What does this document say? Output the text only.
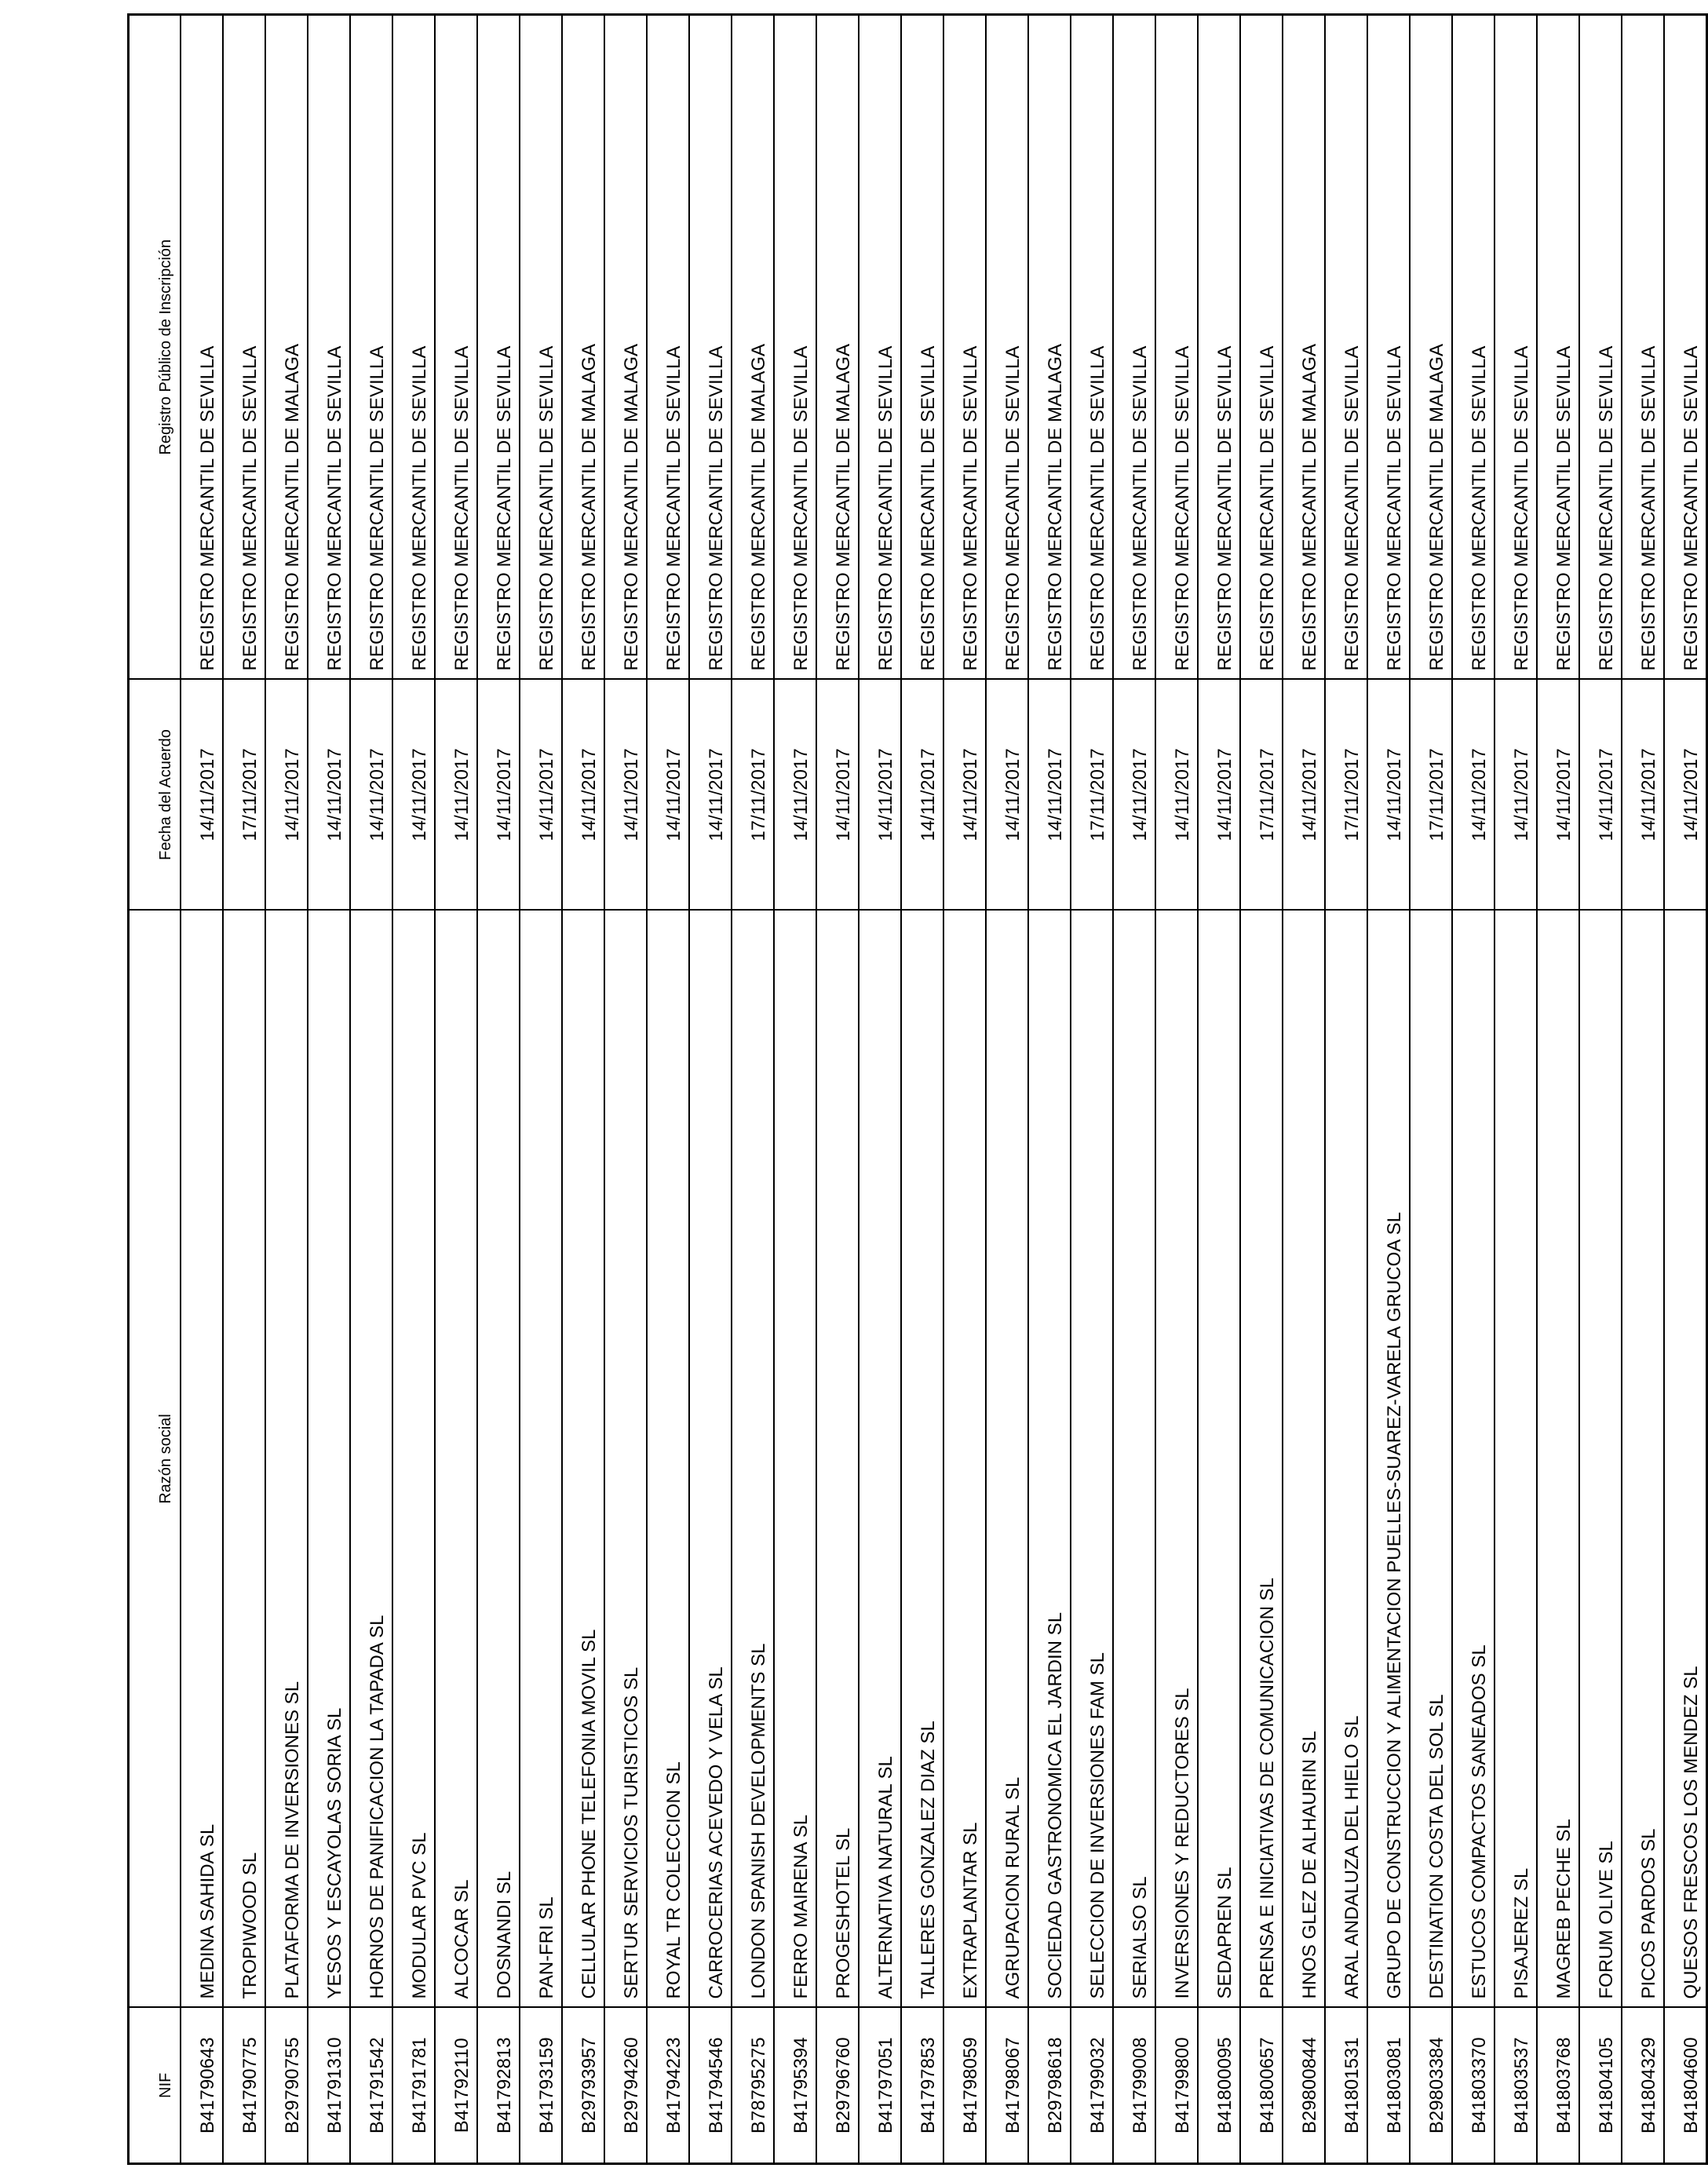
NIF	Razón social	Fecha del Acuerdo	Registro Público de Inscripción
B41790643	MEDINA SAHIDA SL	14/11/2017	REGISTRO MERCANTIL DE SEVILLA
B41790775	TROPIWOOD SL	17/11/2017	REGISTRO MERCANTIL DE SEVILLA
B29790755	PLATAFORMA DE INVERSIONES SL	14/11/2017	REGISTRO MERCANTIL DE MALAGA
B41791310	YESOS Y ESCAYOLAS SORIA SL	14/11/2017	REGISTRO MERCANTIL DE SEVILLA
B41791542	HORNOS DE PANIFICACION LA TAPADA SL	14/11/2017	REGISTRO MERCANTIL DE SEVILLA
B41791781	MODULAR PVC SL	14/11/2017	REGISTRO MERCANTIL DE SEVILLA
B41792110	ALCOCAR SL	14/11/2017	REGISTRO MERCANTIL DE SEVILLA
B41792813	DOSNANDI SL	14/11/2017	REGISTRO MERCANTIL DE SEVILLA
B41793159	PAN-FRI SL	14/11/2017	REGISTRO MERCANTIL DE SEVILLA
B29793957	CELLULAR PHONE TELEFONIA MOVIL SL	14/11/2017	REGISTRO MERCANTIL DE MALAGA
B29794260	SERTUR SERVICIOS TURISTICOS SL	14/11/2017	REGISTRO MERCANTIL DE MALAGA
B41794223	ROYAL TR COLECCION SL	14/11/2017	REGISTRO MERCANTIL DE SEVILLA
B41794546	CARROCERIAS ACEVEDO Y VELA SL	14/11/2017	REGISTRO MERCANTIL DE SEVILLA
B78795275	LONDON SPANISH DEVELOPMENTS SL	17/11/2017	REGISTRO MERCANTIL DE MALAGA
B41795394	FERRO MAIRENA SL	14/11/2017	REGISTRO MERCANTIL DE SEVILLA
B29796760	PROGESHOTEL SL	14/11/2017	REGISTRO MERCANTIL DE MALAGA
B41797051	ALTERNATIVA NATURAL SL	14/11/2017	REGISTRO MERCANTIL DE SEVILLA
B41797853	TALLERES GONZALEZ DIAZ SL	14/11/2017	REGISTRO MERCANTIL DE SEVILLA
B41798059	EXTRAPLANTAR SL	14/11/2017	REGISTRO MERCANTIL DE SEVILLA
B41798067	AGRUPACION RURAL SL	14/11/2017	REGISTRO MERCANTIL DE SEVILLA
B29798618	SOCIEDAD GASTRONOMICA EL JARDIN SL	14/11/2017	REGISTRO MERCANTIL DE MALAGA
B41799032	SELECCION DE INVERSIONES FAM SL	17/11/2017	REGISTRO MERCANTIL DE SEVILLA
B41799008	SERIALSO SL	14/11/2017	REGISTRO MERCANTIL DE SEVILLA
B41799800	INVERSIONES Y REDUCTORES SL	14/11/2017	REGISTRO MERCANTIL DE SEVILLA
B41800095	SEDAPREN SL	14/11/2017	REGISTRO MERCANTIL DE SEVILLA
B41800657	PRENSA E INICIATIVAS DE COMUNICACION SL	17/11/2017	REGISTRO MERCANTIL DE SEVILLA
B29800844	HNOS GLEZ DE ALHAURIN SL	14/11/2017	REGISTRO MERCANTIL DE MALAGA
B41801531	ARAL ANDALUZA DEL HIELO SL	17/11/2017	REGISTRO MERCANTIL DE SEVILLA
B41803081	GRUPO DE CONSTRUCCION Y ALIMENTACION PUELLES-SUAREZ-VARELA GRUCOA SL	14/11/2017	REGISTRO MERCANTIL DE SEVILLA
B29803384	DESTINATION COSTA DEL SOL SL	17/11/2017	REGISTRO MERCANTIL DE MALAGA
B41803370	ESTUCOS COMPACTOS SANEADOS SL	14/11/2017	REGISTRO MERCANTIL DE SEVILLA
B41803537	PISAJEREZ SL	14/11/2017	REGISTRO MERCANTIL DE SEVILLA
B41803768	MAGREB PECHE SL	14/11/2017	REGISTRO MERCANTIL DE SEVILLA
B41804105	FORUM OLIVE SL	14/11/2017	REGISTRO MERCANTIL DE SEVILLA
B41804329	PICOS PARDOS SL	14/11/2017	REGISTRO MERCANTIL DE SEVILLA
B41804600	QUESOS FRESCOS LOS MENDEZ SL	14/11/2017	REGISTRO MERCANTIL DE SEVILLA
